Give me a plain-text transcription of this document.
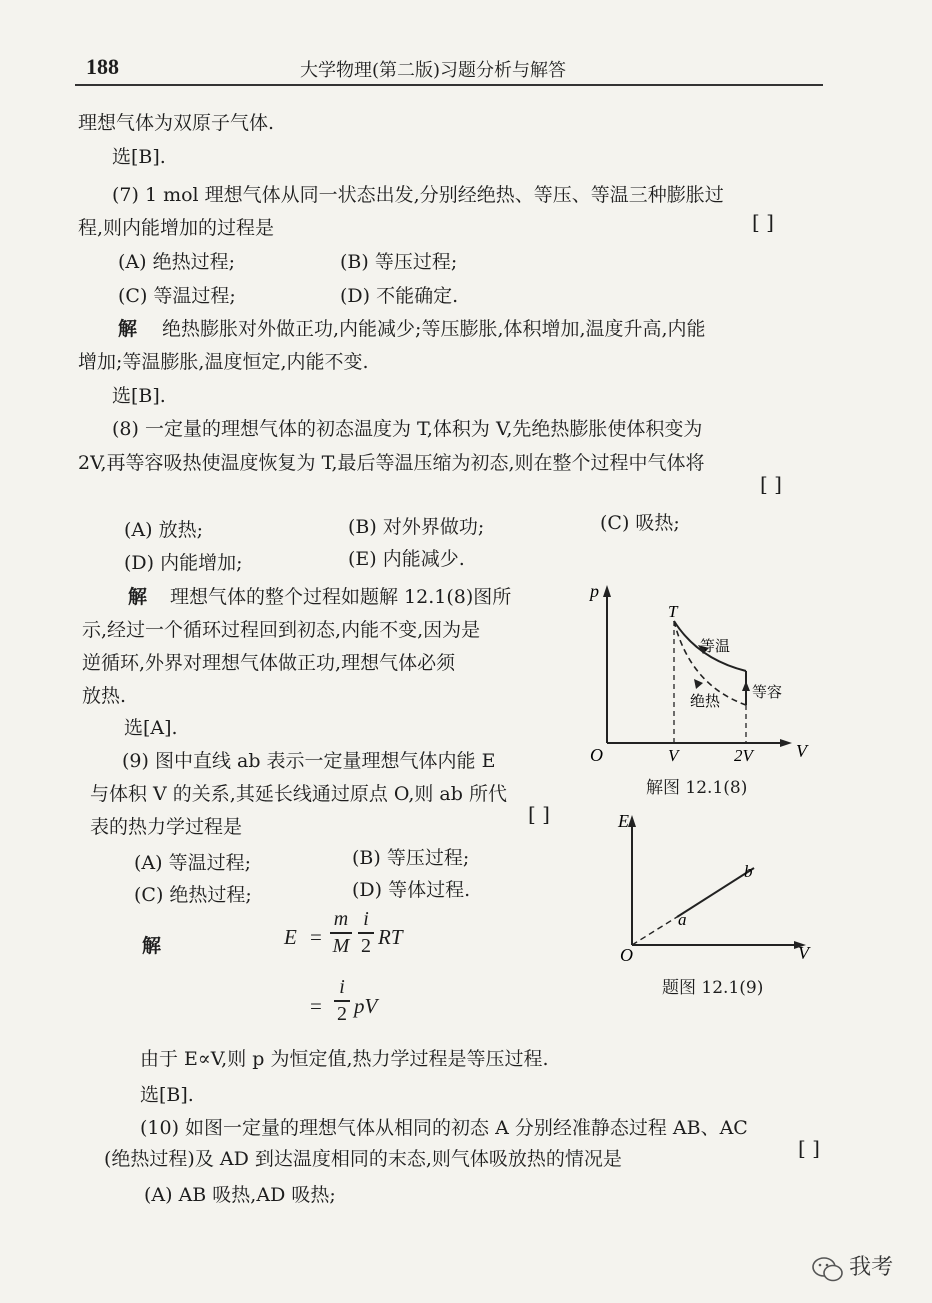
188	大学物理(第二版)习题分析与解答
理想气体为双原子气体.
选[B].
(7) 1 mol 理想气体从同一状态出发,分别经绝热、等压、等温三种膨胀过
程,则内能增加的过程是	[ ]
(A) 绝热过程;	(B) 等压过程;
(C) 等温过程;	(D) 不能确定.
解 绝热膨胀对外做正功,内能减少;等压膨胀,体积增加,温度升高,内能
增加;等温膨胀,温度恒定,内能不变.
选[B].
(8) 一定量的理想气体的初态温度为 T,体积为 V,先绝热膨胀使体积变为
2V,再等容吸热使温度恢复为 T,最后等温压缩为初态,则在整个过程中气体将
[ ]
(A) 放热;	(B) 对外界做功;	(C) 吸热;
(D) 内能增加;	(E) 内能减少.
解 理想气体的整个过程如题解 12.1(8)图所
示,经过一个循环过程回到初态,内能不变,因为是
逆循环,外界对理想气体做正功,理想气体必须
放热.
选[A].
p
V
O
T
V	2V
等温
绝热
等容
解图 12.1(8)
(9) 图中直线 ab 表示一定量理想气体内能 E
与体积 V 的关系,其延长线通过原点 O,则 ab 所代
表的热力学过程是
[ ]
(A) 等温过程;	(B) 等压过程;
(C) 绝热过程;	(D) 等体过程.
E
V
O
a
b
题图 12.1(9)
解	E =
m
M
i
2 RT
=
i
2 pV
由于 E∝V,则 p 为恒定值,热力学过程是等压过程.
选[B].
(10) 如图一定量的理想气体从相同的初态 A 分别经准静态过程 AB、AC
(绝热过程)及 AD 到达温度相同的末态,则气体吸放热的情况是	[ ]
(A) AB 吸热,AD 吸热;
我考
